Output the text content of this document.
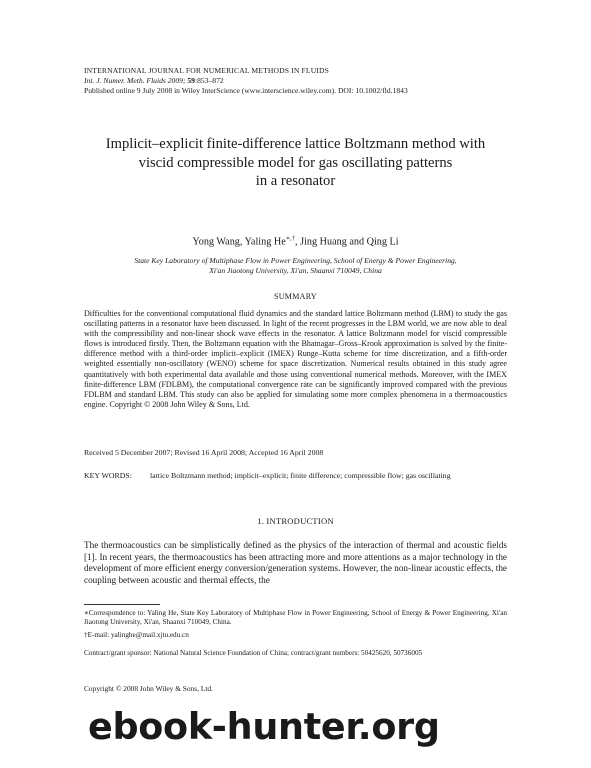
INTERNATIONAL JOURNAL FOR NUMERICAL METHODS IN FLUIDS
Int. J. Numer. Meth. Fluids 2009; 59:853–872
Published online 9 July 2008 in Wiley InterScience (www.interscience.wiley.com). DOI: 10.1002/fld.1843
Implicit–explicit finite-difference lattice Boltzmann method with
viscid compressible model for gas oscillating patterns
in a resonator
Yong Wang, Yaling He∗,†, Jing Huang and Qing Li
State Key Laboratory of Multiphase Flow in Power Engineering, School of Energy & Power Engineering,
Xi'an Jiaotong University, Xi'an, Shaanxi 710049, China
SUMMARY
Difficulties for the conventional computational fluid dynamics and the standard lattice Boltzmann method (LBM) to study the gas oscillating patterns in a resonator have been discussed. In light of the recent progresses in the LBM world, we are now able to deal with the compressibility and non-linear shock wave effects in the resonator. A lattice Boltzmann model for viscid compressible flows is introduced firstly. Then, the Boltzmann equation with the Bhatnagar–Gross–Krook approximation is solved by the finite-difference method with a third-order implicit–explicit (IMEX) Runge–Kutta scheme for time discretization, and a fifth-order weighted essentially non-oscillatory (WENO) scheme for space discretization. Numerical results obtained in this study agree quantitatively with both experimental data available and those using conventional numerical methods. Moreover, with the IMEX finite-difference LBM (FDLBM), the computational convergence rate can be significantly improved compared with the previous FDLBM and standard LBM. This study can also be applied for simulating some more complex phenomena in a thermoacoustics engine. Copyright © 2008 John Wiley & Sons, Ltd.
Received 5 December 2007; Revised 16 April 2008; Accepted 16 April 2008
KEY WORDS: lattice Boltzmann method; implicit–explicit; finite difference; compressible flow; gas oscillating
1. INTRODUCTION
The thermoacoustics can be simplistically defined as the physics of the interaction of thermal and acoustic fields [1]. In recent years, the thermoacoustics has been attracting more and more attentions as a major technology in the development of more efficient energy conversion/generation systems. However, the non-linear acoustic effects, the coupling between acoustic and thermal effects, the
∗Correspondence to: Yaling He, State Key Laboratory of Multiphase Flow in Power Engineering, School of Energy & Power Engineering, Xi'an Jiaotong University, Xi'an, Shaanxi 710049, China.
†E-mail: yalinghe@mail.xjtu.edu.cn
Contract/grant sponsor: National Natural Science Foundation of China; contract/grant numbers: 50425620, 50736005
Copyright © 2008 John Wiley & Sons, Ltd.
ebook-hunter.org
